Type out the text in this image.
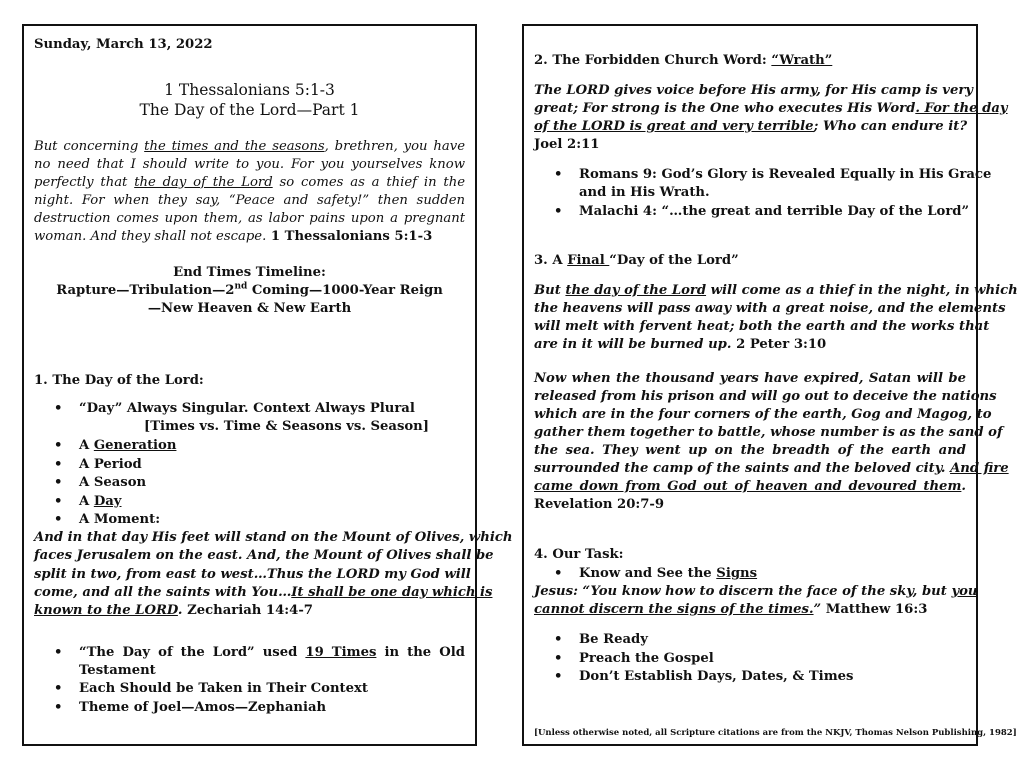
Sunday, March 13, 2022
1 Thessalonians 5:1-3
The Day of the Lord—Part 1
But concerning the times and the seasons, brethren, you have
no need that I should write to you. For you yourselves know
perfectly that the day of the Lord so comes as a thief in the
night. For when they say, “Peace and safety!” then sudden
destruction comes upon them, as labor pains upon a pregnant
woman. And they shall not escape. 1 Thessalonians 5:1-3
End Times Timeline:
Rapture—Tribulation—2nd Coming—1000-Year Reign
—New Heaven & New Earth
1. The Day of the Lord:
• “Day” Always Singular. Context Always Plural
[Times vs. Time & Seasons vs. Season]
• A Generation
• A Period
• A Season
• A Day
• A Moment:
And in that day His feet will stand on the Mount of Olives, which
faces Jerusalem on the east. And, the Mount of Olives shall be
split in two, from east to west…Thus the LORD my God will
come, and all the saints with You…It shall be one day which is
known to the LORD. Zechariah 14:4-7
• “The Day of the Lord” used 19 Times in the Old
Testament
• Each Should be Taken in Their Context
• Theme of Joel—Amos—Zephaniah
2. The Forbidden Church Word: “Wrath”
The LORD gives voice before His army, for His camp is very
great; For strong is the One who executes His Word. For the day
of the LORD is great and very terrible; Who can endure it?
Joel 2:11
• Romans 9: God’s Glory is Revealed Equally in His Grace
and in His Wrath.
• Malachi 4: “…the great and terrible Day of the Lord”
3. A Final “Day of the Lord”
But the day of the Lord will come as a thief in the night, in which
the heavens will pass away with a great noise, and the elements
will melt with fervent heat; both the earth and the works that
are in it will be burned up. 2 Peter 3:10
Now when the thousand years have expired, Satan will be
released from his prison and will go out to deceive the nations
which are in the four corners of the earth, Gog and Magog, to
gather them together to battle, whose number is as the sand of
the sea. They went up on the breadth of the earth and
surrounded the camp of the saints and the beloved city. And fire
came down from God out of heaven and devoured them.
Revelation 20:7-9
4. Our Task:
• Know and See the Signs
Jesus: “You know how to discern the face of the sky, but you
cannot discern the signs of the times.” Matthew 16:3
• Be Ready
• Preach the Gospel
• Don’t Establish Days, Dates, & Times
[Unless otherwise noted, all Scripture citations are from the NKJV, Thomas Nelson Publishing, 1982]
